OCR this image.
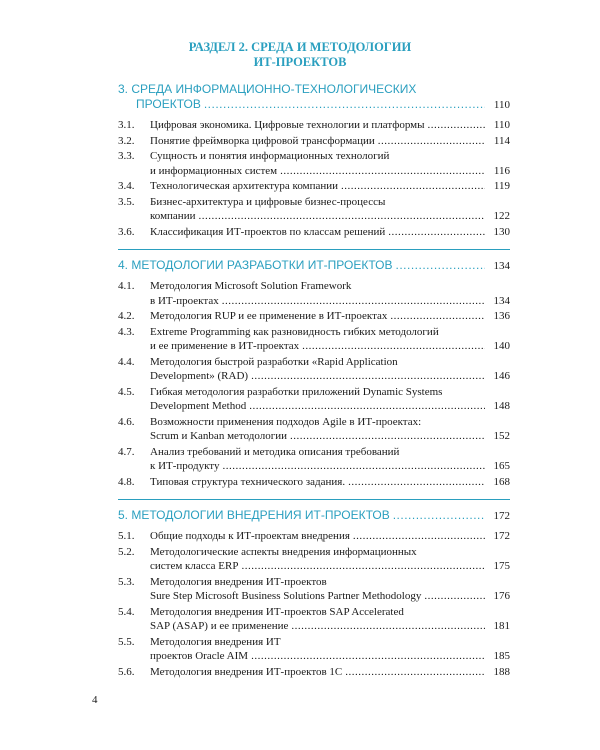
РАЗДЕЛ 2. СРЕДА И МЕТОДОЛОГИИ
ИТ-ПРОЕКТОВ
3. СРЕДА ИНФОРМАЦИОННО-ТЕХНОЛОГИЧЕСКИХ
ПРОЕКТОВ .....	110
3.1.	Цифровая экономика. Цифровые технологии и платформы .....	110
3.2.	Понятие фреймворка цифровой трансформации .....	114
3.3.	Сущность и понятия информационных технологий
и информационных систем .....	116
3.4.	Технологическая архитектура компании .....	119
3.5.	Бизнес-архитектура и цифровые бизнес-процессы
компании .....	122
3.6.	Классификация ИТ-проектов по классам решений .....	130
4. МЕТОДОЛОГИИ РАЗРАБОТКИ ИТ-ПРОЕКТОВ .....	134
4.1.	Методология Microsoft Solution Framework
в ИТ-проектах .....	134
4.2.	Методология RUP и ее применение в ИТ-проектах .....	136
4.3.	Extreme Programming как разновидность гибких методологий
и ее применение в ИТ-проектах .....	140
4.4.	Методология быстрой разработки «Rapid Application
Development» (RAD) .....	146
4.5.	Гибкая методология разработки приложений Dynamic Systems
Development Method .....	148
4.6.	Возможности применения подходов Agile в ИТ-проектах:
Scrum и Kanban методологии .....	152
4.7.	Анализ требований и методика описания требований
к ИТ-продукту .....	165
4.8.	Типовая структура технического задания. .....	168
5. МЕТОДОЛОГИИ ВНЕДРЕНИЯ ИТ-ПРОЕКТОВ .....	172
5.1.	Общие подходы к ИТ-проектам внедрения .....	172
5.2.	Методологические аспекты внедрения информационных
систем класса ERP .....	175
5.3.	Методология внедрения ИТ-проектов
Sure Step Microsoft Business Solutions Partner Methodology .....	176
5.4.	Методология внедрения ИТ-проектов SAP Accelerated
SAP (ASAP) и ее применение .....	181
5.5.	Методология внедрения ИТ
проектов Oracle AIM .....	185
5.6.	Методология внедрения ИТ-проектов 1С .....	188
4
